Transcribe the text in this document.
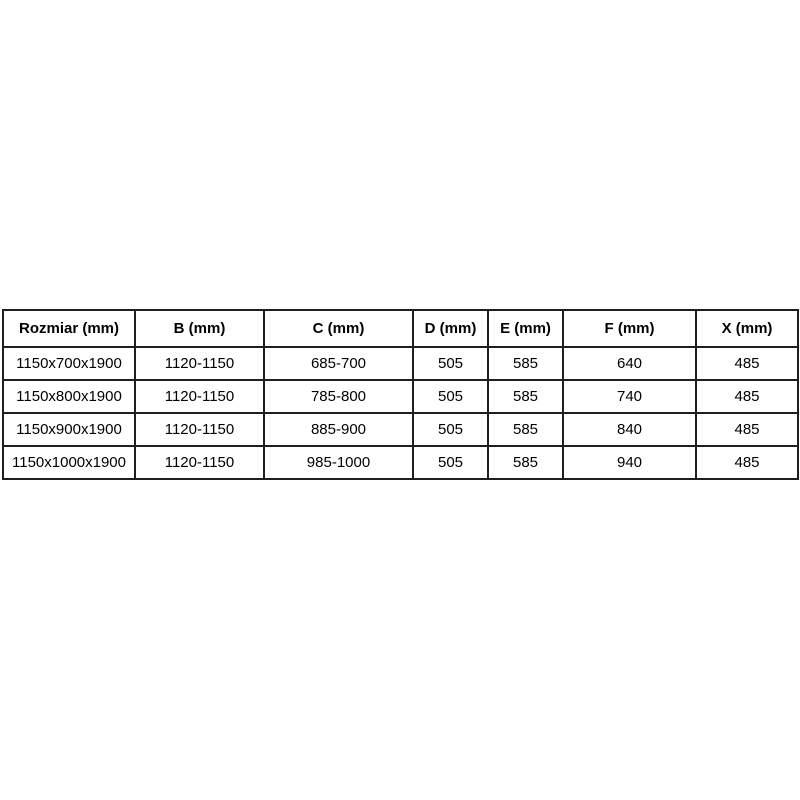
Rozmiar (mm)	B (mm)	C (mm)	D (mm)	E (mm)	F (mm)	X (mm)
1150x700x1900	1120-1150	685-700	505	585	640	485
1150x800x1900	1120-1150	785-800	505	585	740	485
1150x900x1900	1120-1150	885-900	505	585	840	485
1150x1000x1900	1120-1150	985-1000	505	585	940	485
